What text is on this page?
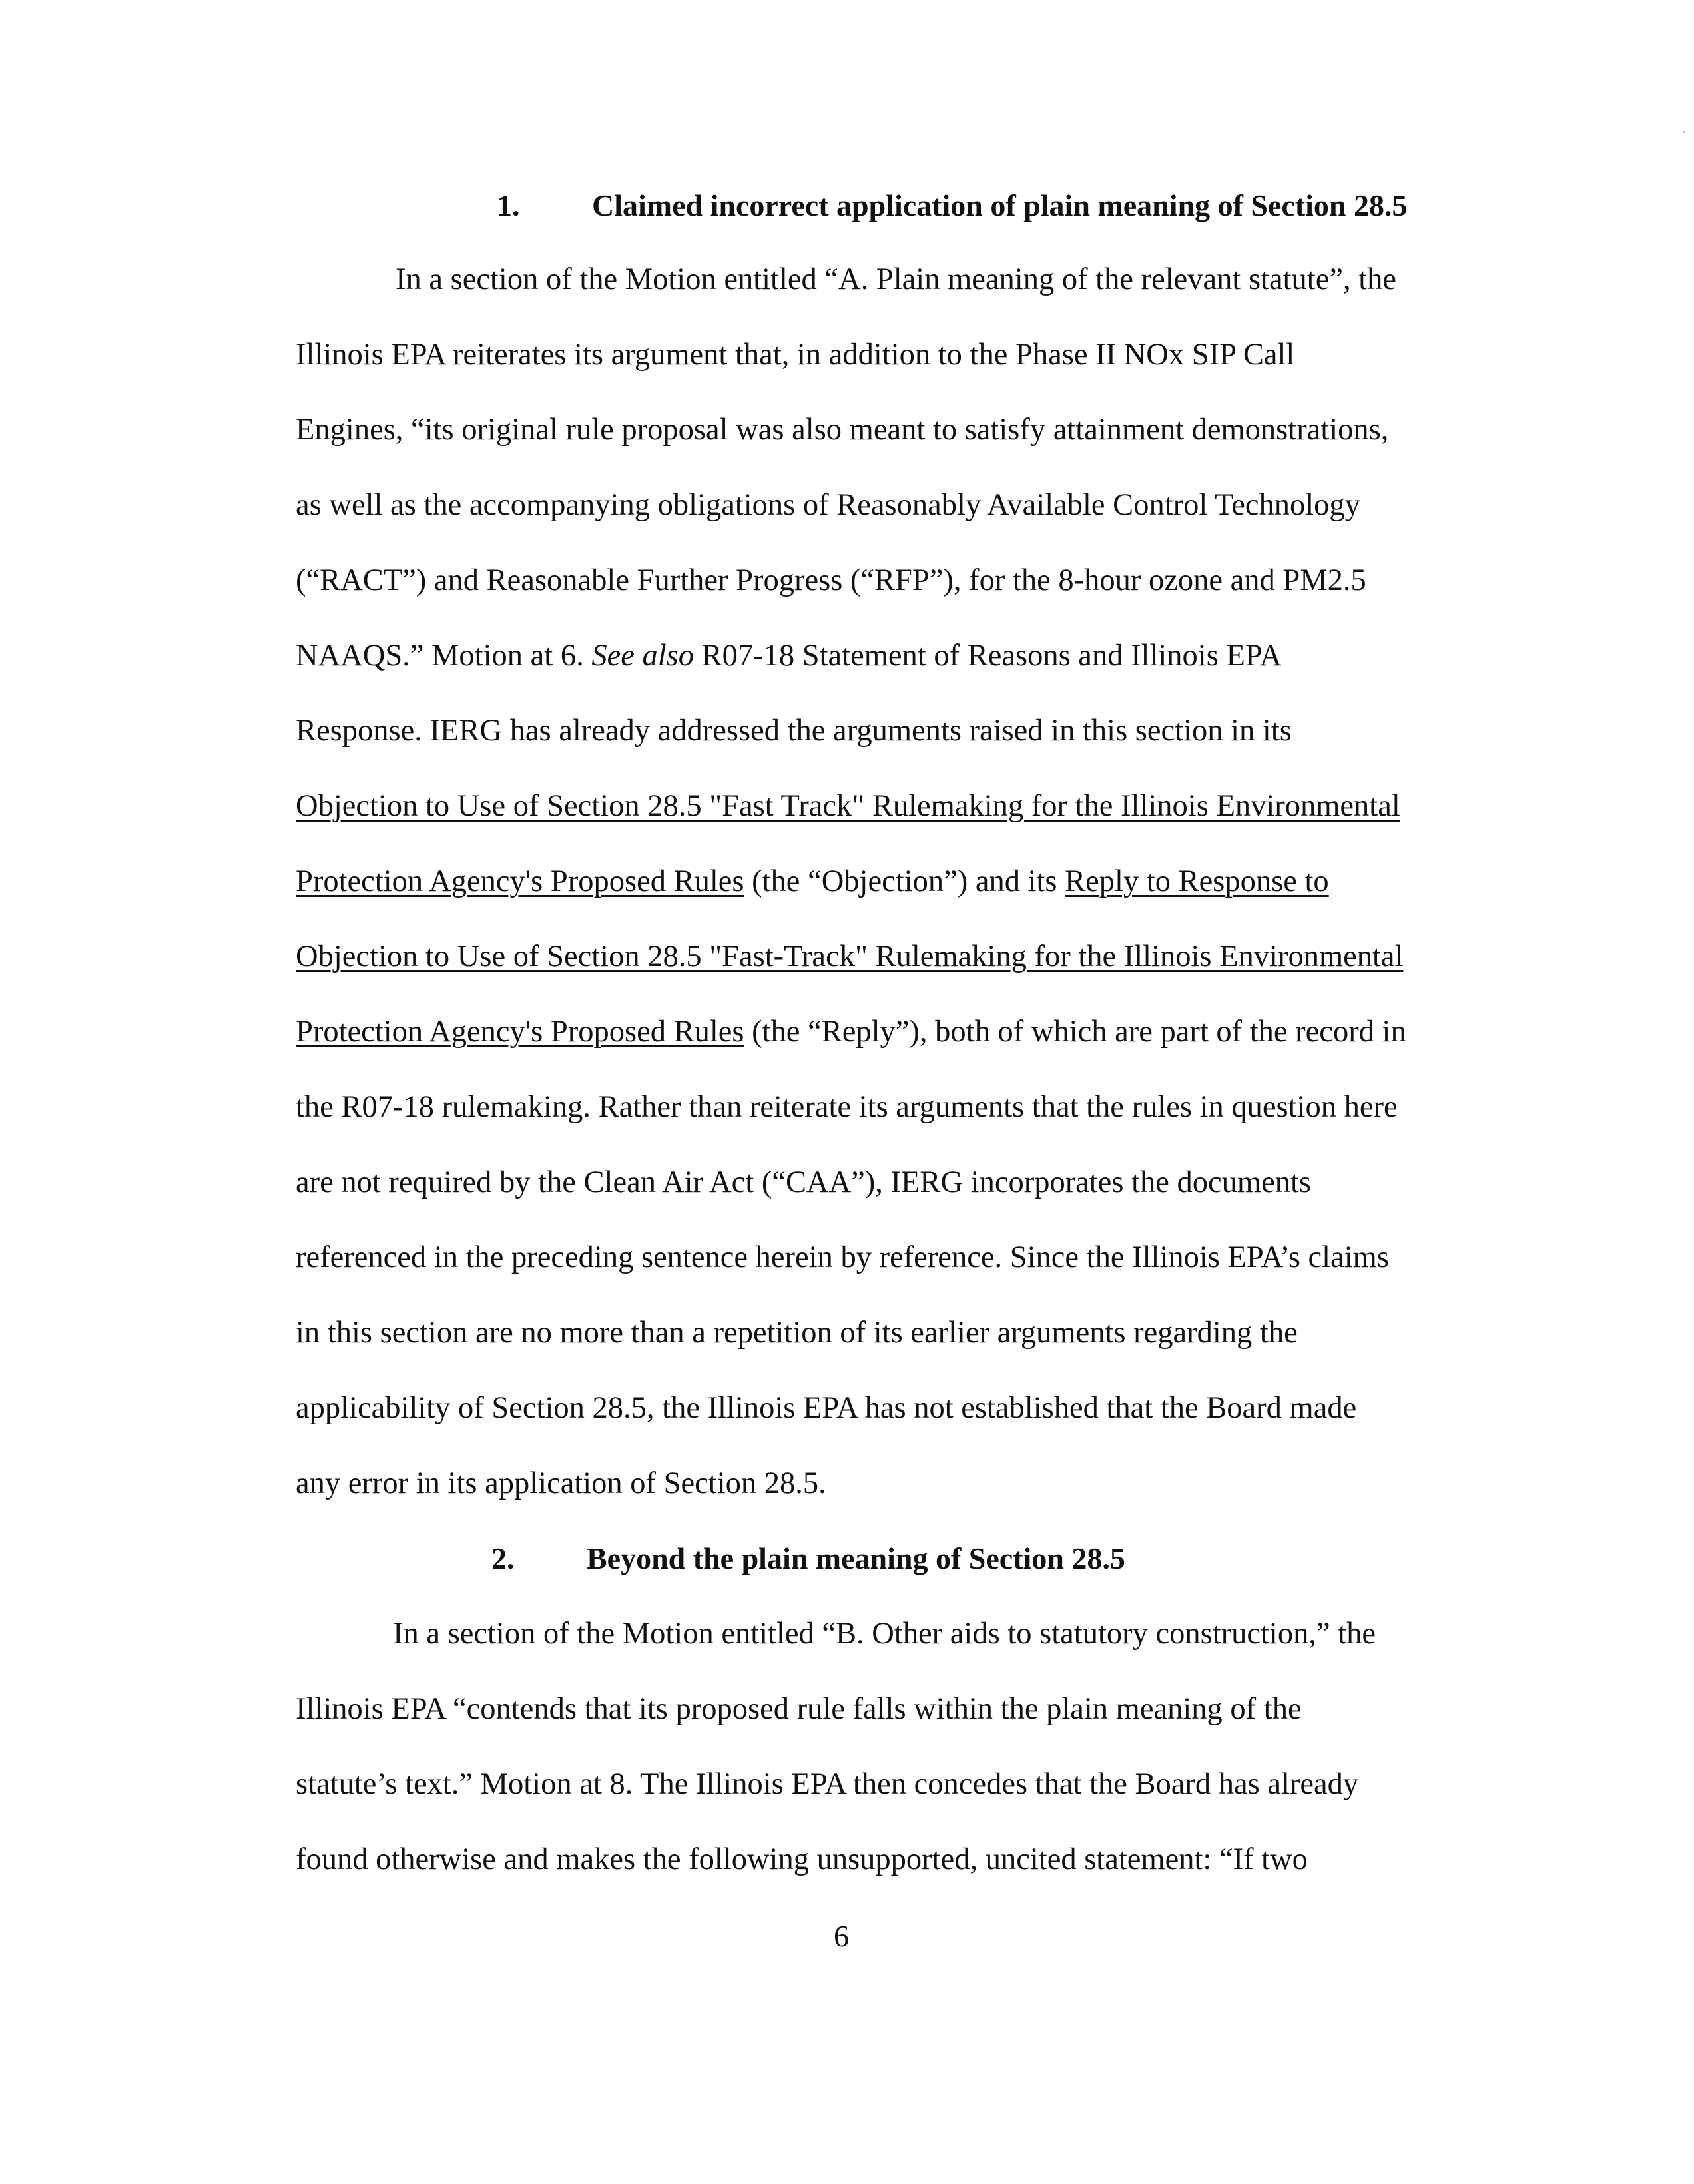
1. Claimed incorrect application of plain meaning of Section 28.5
In a section of the Motion entitled “A. Plain meaning of the relevant statute”, the
Illinois EPA reiterates its argument that, in addition to the Phase II NOx SIP Call
Engines, “its original rule proposal was also meant to satisfy attainment demonstrations,
as well as the accompanying obligations of Reasonably Available Control Technology
(“RACT”) and Reasonable Further Progress (“RFP”), for the 8-hour ozone and PM2.5
NAAQS.” Motion at 6. See also R07-18 Statement of Reasons and Illinois EPA
Response. IERG has already addressed the arguments raised in this section in its
Objection to Use of Section 28.5 "Fast Track" Rulemaking for the Illinois Environmental
Protection Agency's Proposed Rules (the “Objection”) and its Reply to Response to
Objection to Use of Section 28.5 "Fast-Track" Rulemaking for the Illinois Environmental
Protection Agency's Proposed Rules (the “Reply”), both of which are part of the record in
the R07-18 rulemaking. Rather than reiterate its arguments that the rules in question here
are not required by the Clean Air Act (“CAA”), IERG incorporates the documents
referenced in the preceding sentence herein by reference. Since the Illinois EPA’s claims
in this section are no more than a repetition of its earlier arguments regarding the
applicability of Section 28.5, the Illinois EPA has not established that the Board made
any error in its application of Section 28.5.
2. Beyond the plain meaning of Section 28.5
In a section of the Motion entitled “B. Other aids to statutory construction,” the
Illinois EPA “contends that its proposed rule falls within the plain meaning of the
statute’s text.” Motion at 8. The Illinois EPA then concedes that the Board has already
found otherwise and makes the following unsupported, uncited statement: “If two
6
